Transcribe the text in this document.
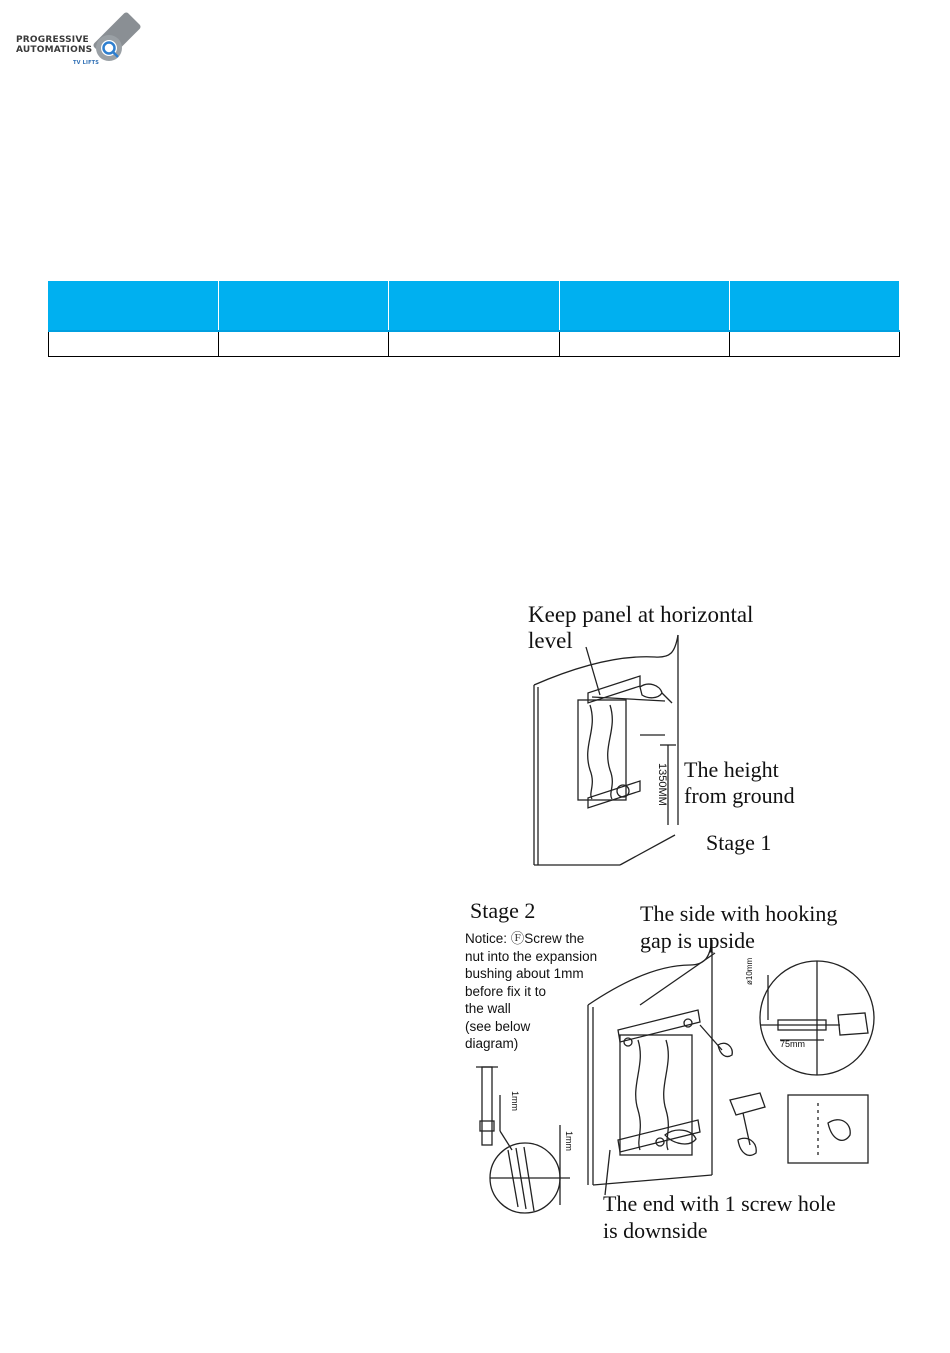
PROGRESSIVE
AUTOMATIONS
TV LIFTS

1350MM
Keep panel at horizontal
level
The height
from ground
Stage 1
75mm
ø10mm
1mm
1mm
Stage 2	The side with hooking
gap is upside
Notice: ⒻScrew the
nut into the expansion
bushing about 1mm
before fix it to
the wall
(see below
diagram)
The end with 1 screw hole
is downside
